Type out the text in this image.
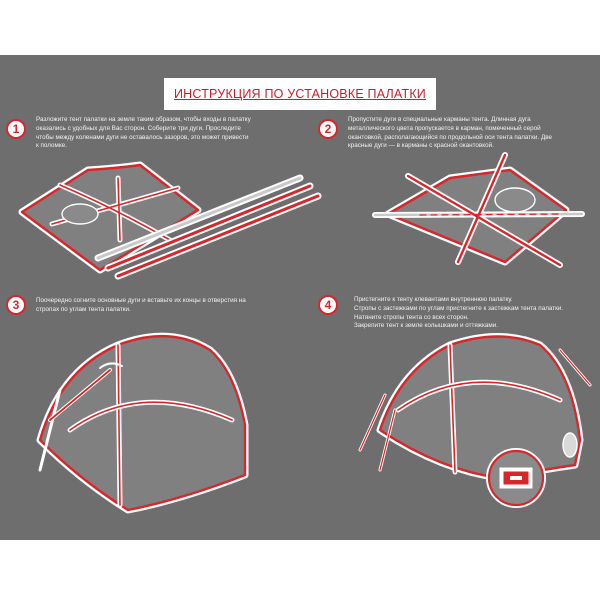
ИНСТРУКЦИЯ ПО УСТАНОВКЕ ПАЛАТКИ
1

Разложите тент палатки на земле таким образом, чтобы входы в палатку

оказались с удобных для Вас сторон. Соберите три дуги. Проследите

чтобы между коленами дуги не оставалось зазоров, это может привести

к поломке.

2

Пропустите дуги в специальные карманы тента. Длинная дуга

металлического цвета пропускается в карман, помеченный серой

окантовкой, располагающийся по продольной оси тента палатки. Две

красные дуги — в карманы с красной окантовкой.

3	Поочередно согните основные дуги и вставьте их концы в отверстия на

стропах по углам тента палатки.	4	Пристегните к тенту клевантами внутреннюю палатку.

Стропы с застежками по углам пристегните к застежкам тента палатки.

Натяните стропы тента со всех сторон.

Закрепите тент к земле колышками и оттяжками.
